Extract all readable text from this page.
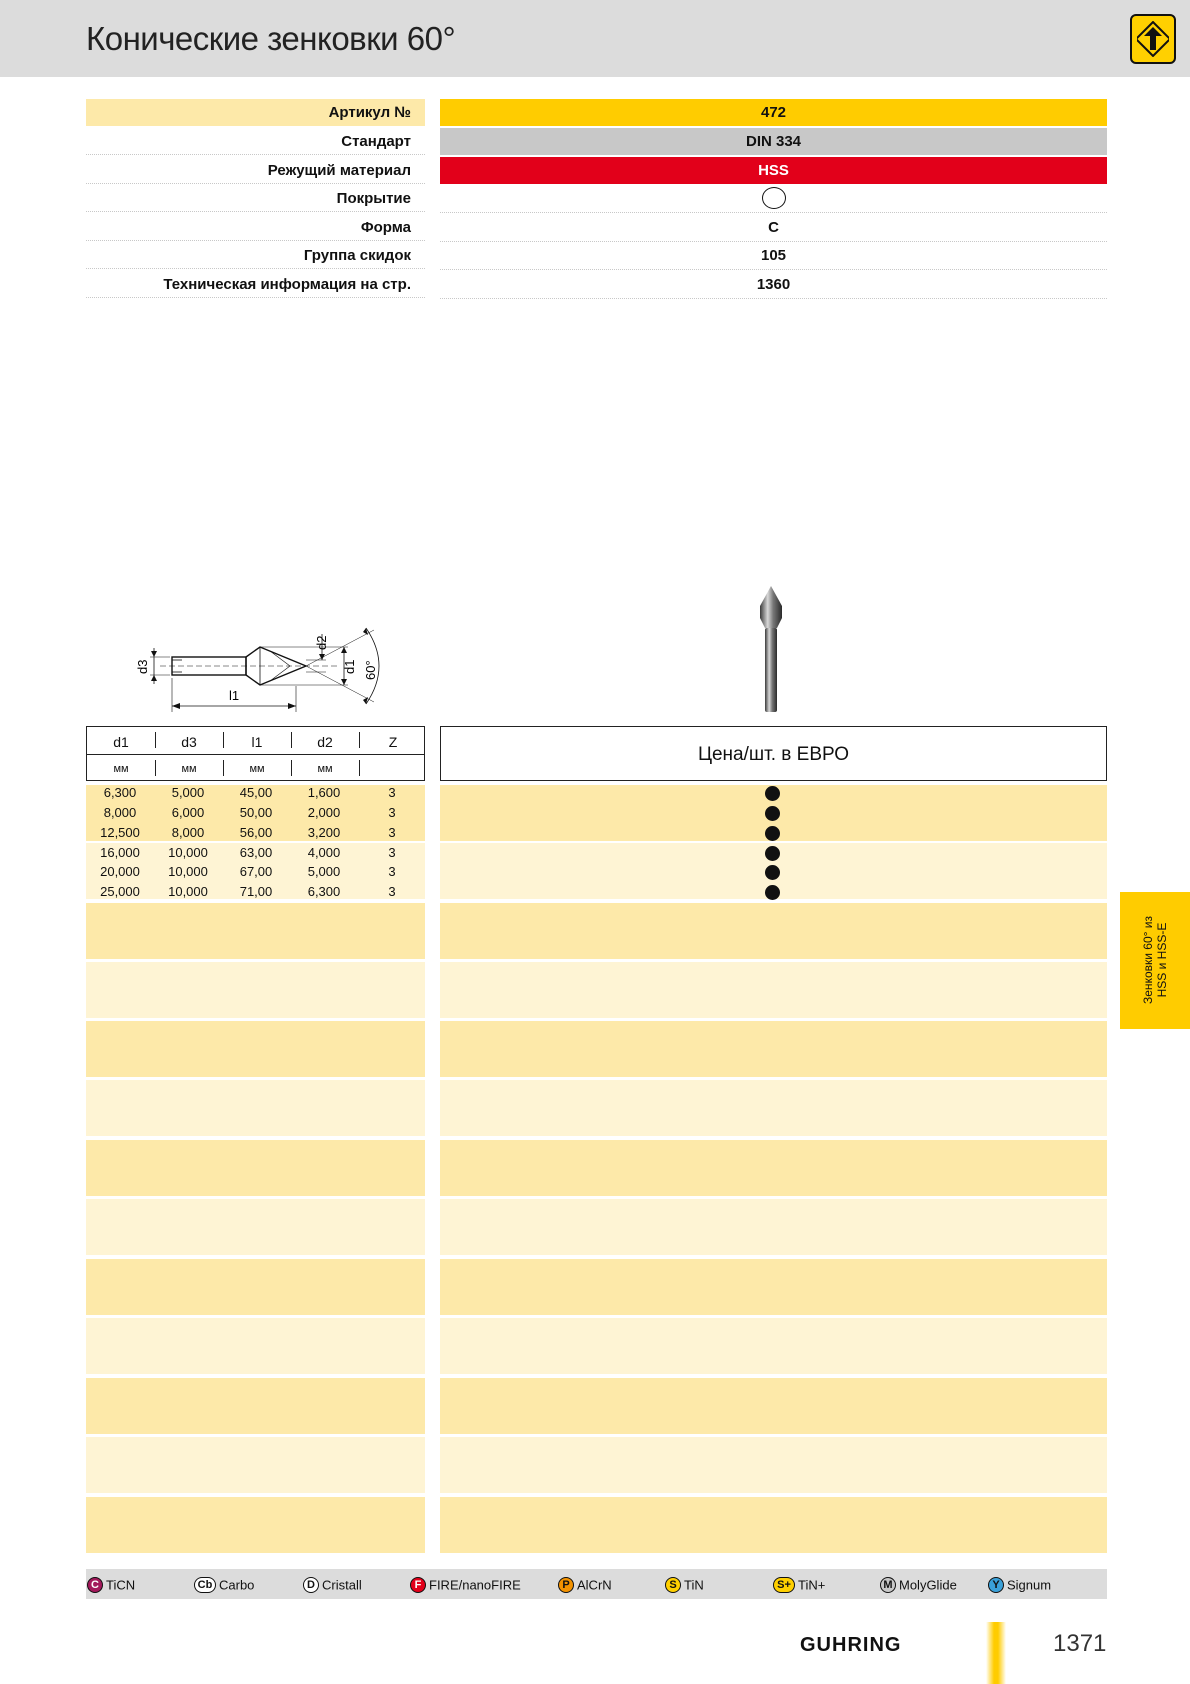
Конические зенковки 60°
Артикул №	472
Стандарт	DIN 334
Режущий материал	HSS
Покрытие
Форма	C
Группа скидок	105
Техническая информация на стр.	1360
d3
l1
d2
d1 60°
d1	d3	l1	d2	Z
мм	мм	мм	мм
Цена/шт. в ЕВРО
6,300	5,000	45,00	1,600	3
8,000	6,000	50,00	2,000	3
12,500	8,000	56,00	3,200	3
16,000	10,000	63,00	4,000	3
20,000	10,000	67,00	5,000	3
25,000	10,000	71,00	6,300	3
Зенковки 60° из HSS и HSS-E
C TiCN	Cb Carbo	D Cristall	F FIRE/nanoFIRE	P AlCrN	S TiN	S+ TiN+	M MolyGlide	Y Signum
GUHRING	1371
